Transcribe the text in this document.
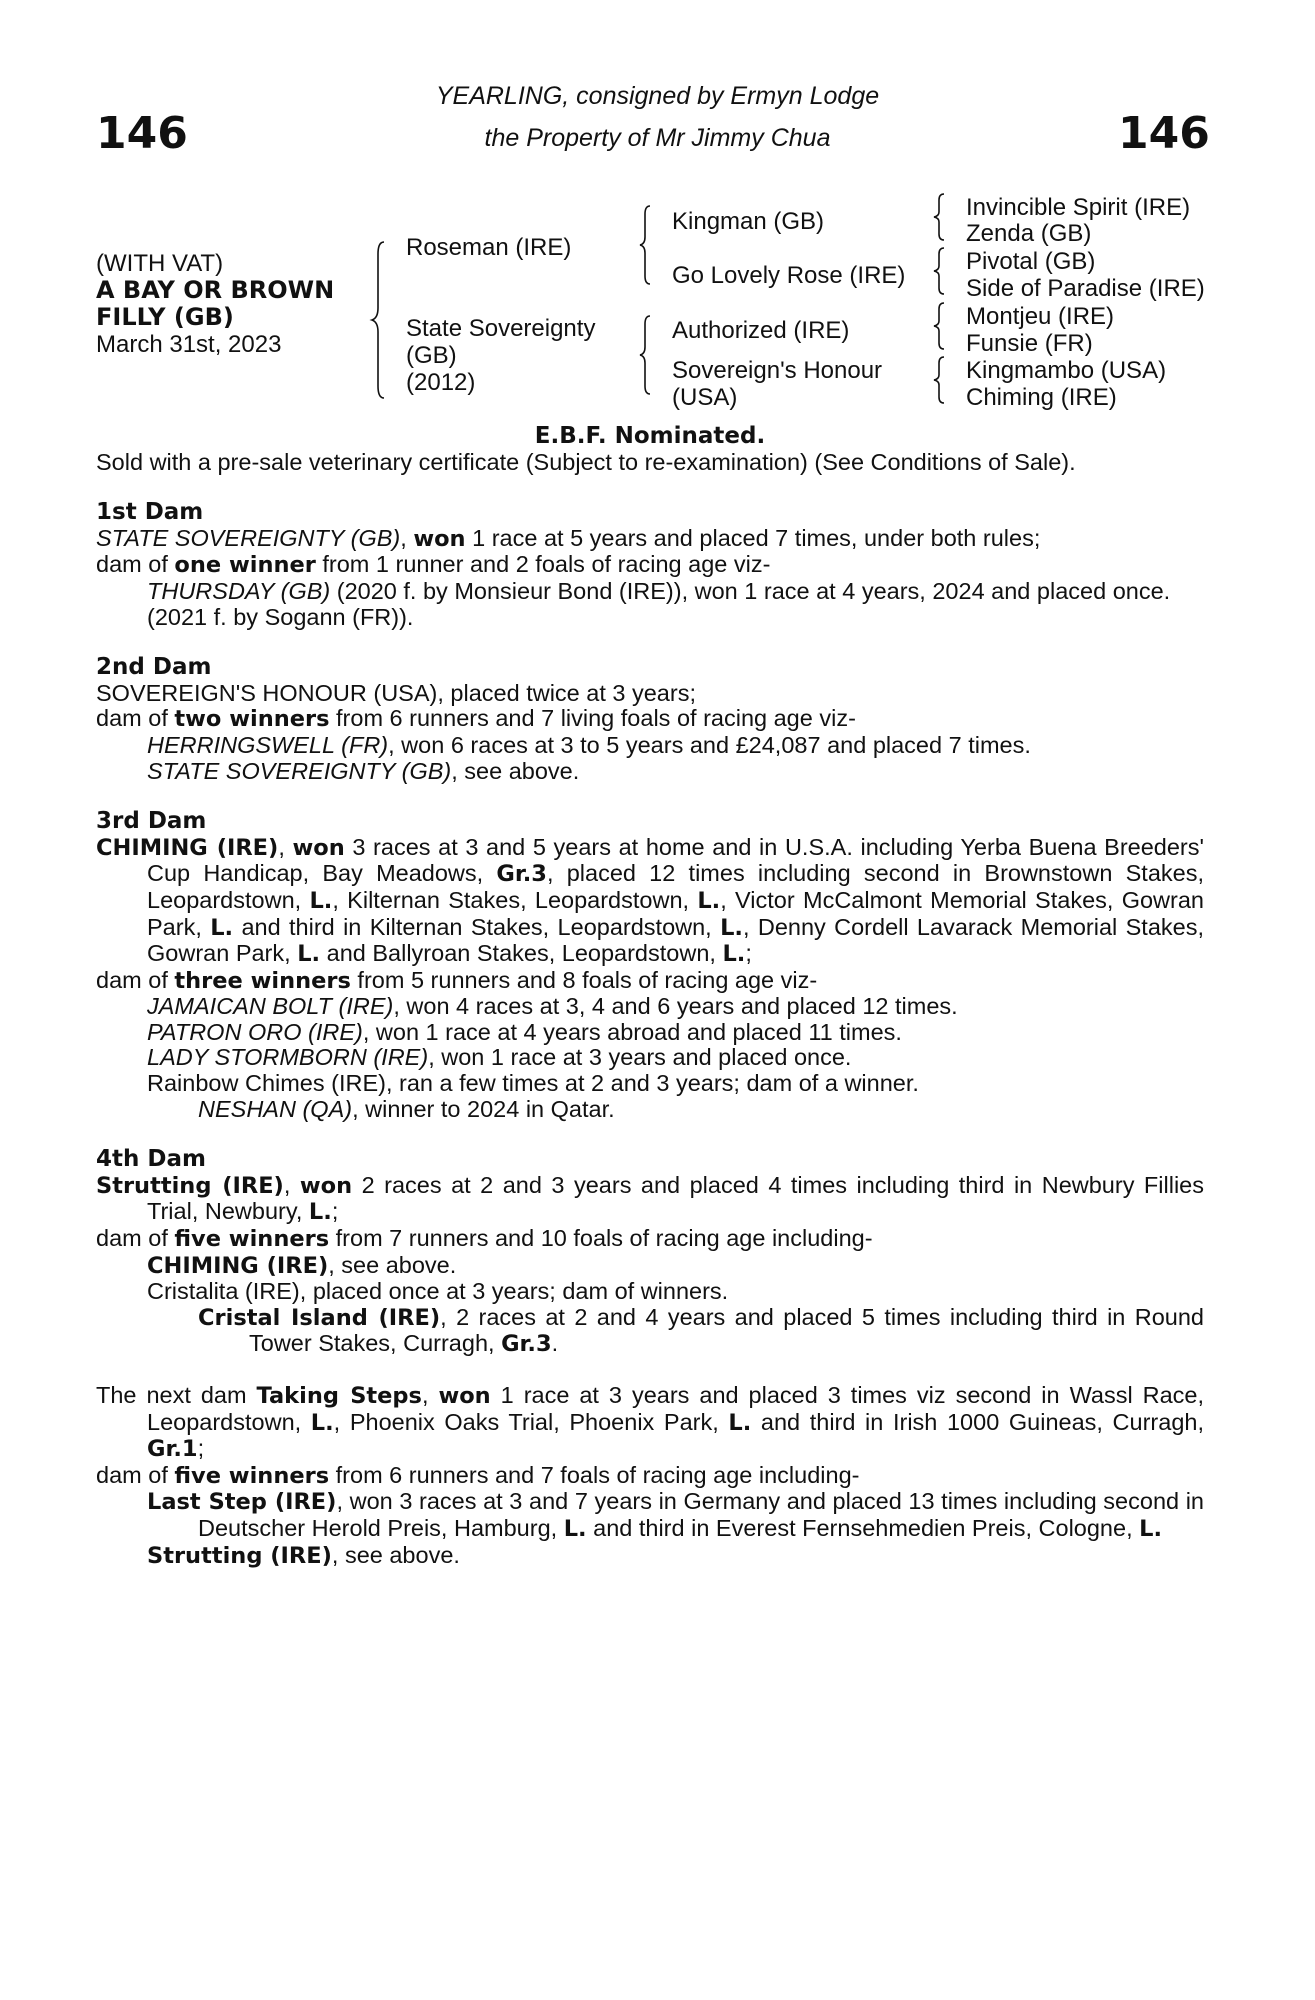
146	146
YEARLING, consigned by Ermyn Lodge
the Property of Mr Jimmy Chua
(WITH VAT)
A BAY OR BROWN
FILLY (GB)
March 31st, 2023
Roseman (IRE)
State Sovereignty
(GB)
(2012)
Kingman (GB)
Go Lovely Rose (IRE)
Authorized (IRE)
Sovereign's Honour
(USA)
Invincible Spirit (IRE)
Zenda (GB)
Pivotal (GB)
Side of Paradise (IRE)
Montjeu (IRE)
Funsie (FR)
Kingmambo (USA)
Chiming (IRE)
E.B.F. Nominated.
Sold with a pre-sale veterinary certificate (Subject to re-examination) (See Conditions of Sale).
1st Dam
STATE SOVEREIGNTY (GB), won 1 race at 5 years and placed 7 times, under both rules;
dam of one winner from 1 runner and 2 foals of racing age viz-
THURSDAY (GB) (2020 f. by Monsieur Bond (IRE)), won 1 race at 4 years, 2024 and placed once.
(2021 f. by Sogann (FR)).
2nd Dam
SOVEREIGN'S HONOUR (USA), placed twice at 3 years;
dam of two winners from 6 runners and 7 living foals of racing age viz-
HERRINGSWELL (FR), won 6 races at 3 to 5 years and £24,087 and placed 7 times.
STATE SOVEREIGNTY (GB), see above.
3rd Dam
CHIMING (IRE), won 3 races at 3 and 5 years at home and in U.S.A. including Yerba Buena Breeders' Cup Handicap, Bay Meadows, Gr.3, placed 12 times including second in Brownstown Stakes, Leopardstown, L., Kilternan Stakes, Leopardstown, L., Victor McCalmont Memorial Stakes, Gowran Park, L. and third in Kilternan Stakes, Leopardstown, L., Denny Cordell Lavarack Memorial Stakes, Gowran Park, L. and Ballyroan Stakes, Leopardstown, L.;
dam of three winners from 5 runners and 8 foals of racing age viz-
JAMAICAN BOLT (IRE), won 4 races at 3, 4 and 6 years and placed 12 times.
PATRON ORO (IRE), won 1 race at 4 years abroad and placed 11 times.
LADY STORMBORN (IRE), won 1 race at 3 years and placed once.
Rainbow Chimes (IRE), ran a few times at 2 and 3 years; dam of a winner.
NESHAN (QA), winner to 2024 in Qatar.
4th Dam
Strutting (IRE), won 2 races at 2 and 3 years and placed 4 times including third in Newbury Fillies Trial, Newbury, L.;
dam of five winners from 7 runners and 10 foals of racing age including-
CHIMING (IRE), see above.
Cristalita (IRE), placed once at 3 years; dam of winners.
Cristal Island (IRE), 2 races at 2 and 4 years and placed 5 times including third in Round Tower Stakes, Curragh, Gr.3.
The next dam Taking Steps, won 1 race at 3 years and placed 3 times viz second in Wassl Race, Leopardstown, L., Phoenix Oaks Trial, Phoenix Park, L. and third in Irish 1000 Guineas, Curragh, Gr.1;
dam of five winners from 6 runners and 7 foals of racing age including-
Last Step (IRE), won 3 races at 3 and 7 years in Germany and placed 13 times including second in Deutscher Herold Preis, Hamburg, L. and third in Everest Fernsehmedien Preis, Cologne, L.
Strutting (IRE), see above.
